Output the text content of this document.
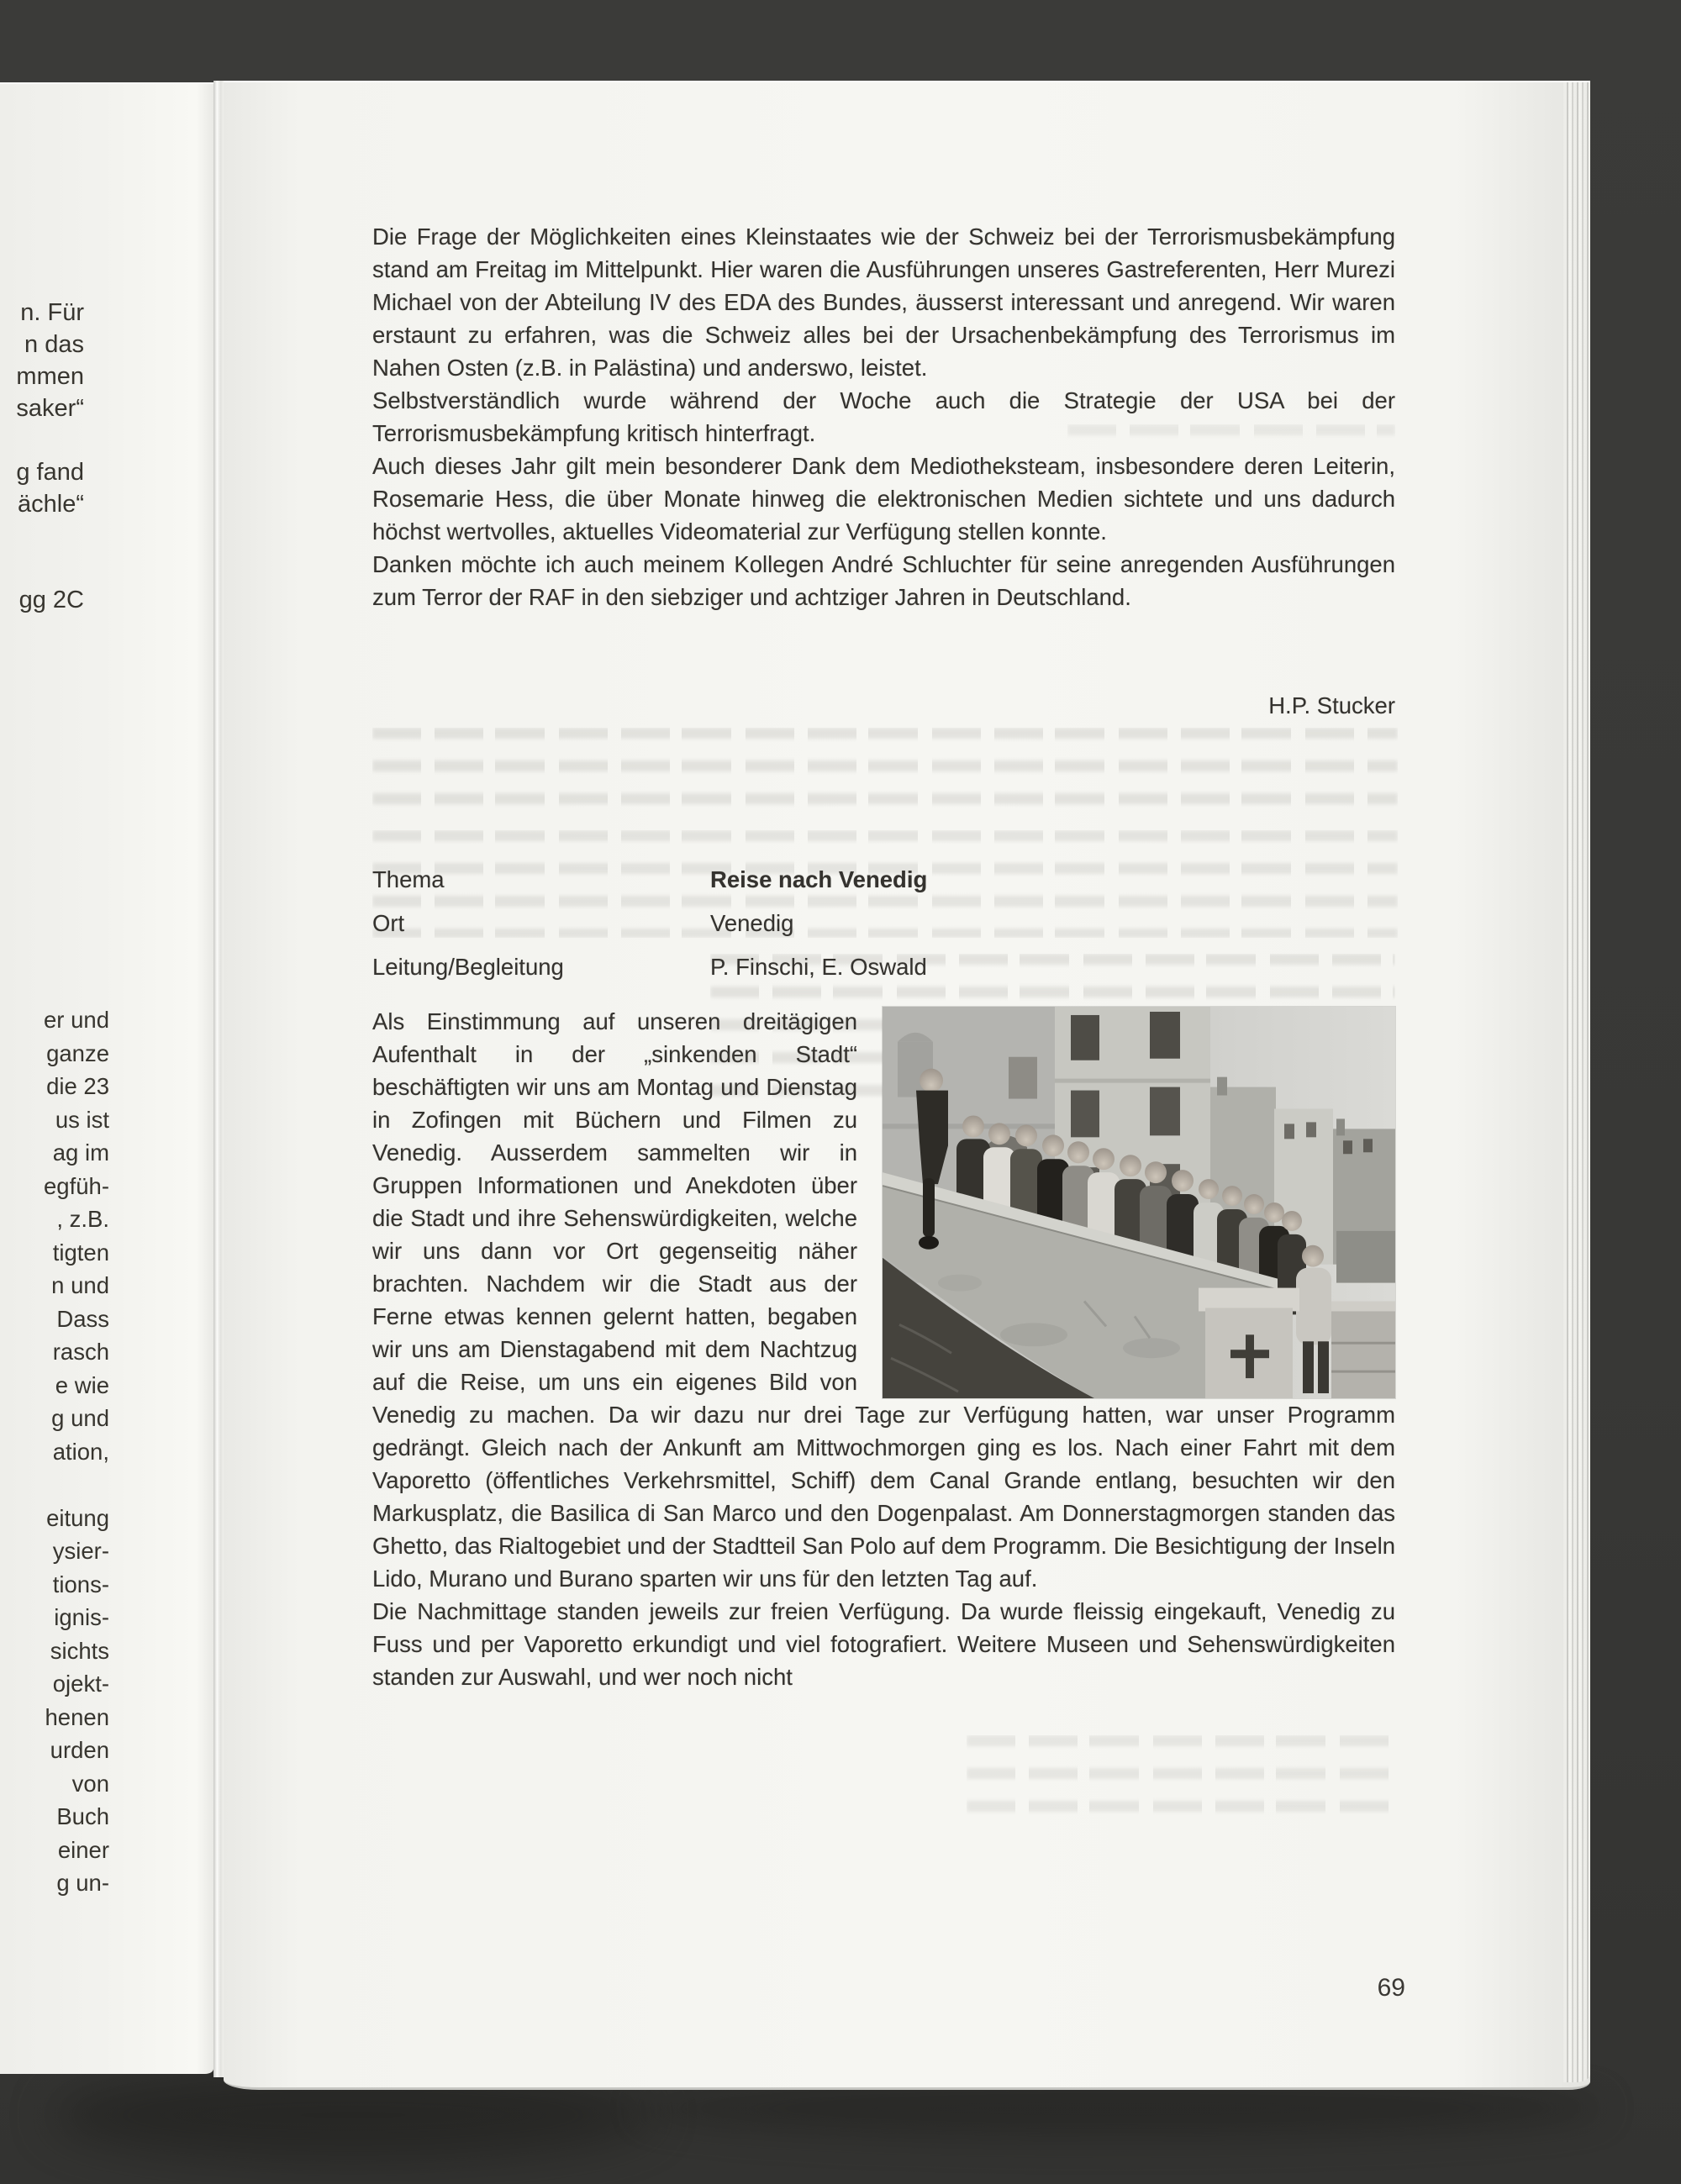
n. Für
n das
mmen
saker“
g fand
ächle“
gg 2C
er und
ganze
die 23
us ist
ag im
egfüh-
, z.B.
tigten
n und
Dass
rasch
e wie
g und
ation,
eitung
ysier-
tions-
ignis-
sichts
ojekt-
henen
urden
von
Buch
einer
g un-

Die Frage der Möglichkeiten eines Kleinstaates wie der Schweiz bei der Terrorismusbekämpfung stand am Freitag im Mittelpunkt. Hier waren die Ausführungen unseres Gastreferenten, Herr Murezi Michael von der Abteilung IV des EDA des Bundes, äusserst interessant und anregend. Wir waren erstaunt zu erfahren, was die Schweiz alles bei der Ursachenbekämpfung des Terrorismus im Nahen Osten (z.B. in Palästina) und anderswo, leistet.

Selbstverständlich wurde während der Woche auch die Strategie der USA bei der Terrorismusbekämpfung kritisch hinterfragt.

Auch dieses Jahr gilt mein besonderer Dank dem Mediotheksteam, insbesondere deren Leiterin, Rosemarie Hess, die über Monate hinweg die elektronischen Medien sichtete und uns dadurch höchst wertvolles, aktuelles Videomaterial zur Verfügung stellen konnte.

Danken möchte ich auch meinem Kollegen André Schluchter für seine anregenden Ausführungen zum Terror der RAF in den siebziger und achtziger Jahren in Deutschland.

H.P. Stucker
Thema	Reise nach Venedig
Ort	Venedig
Leitung/Begleitung	P. Finschi, E. Oswald

Als Einstimmung auf unseren dreitägigen Aufenthalt in der „sinkenden Stadt“ beschäftigten wir uns am Montag und Dienstag in Zofingen mit Büchern und Filmen zu Venedig. Ausserdem sammelten wir in Gruppen Informationen und Anekdoten über die Stadt und ihre Sehenswürdigkeiten, welche wir uns dann vor Ort gegenseitig näher brachten. Nachdem wir die Stadt aus der Ferne etwas kennen gelernt hatten, begaben wir uns am Dienstagabend mit dem Nachtzug auf die Reise, um uns ein eigenes Bild von Venedig zu machen. Da wir dazu nur drei Tage zur Verfügung hatten, war unser Programm gedrängt. Gleich nach der Ankunft am Mittwochmorgen ging es los. Nach einer Fahrt mit dem Vaporetto (öffentliches Verkehrsmittel, Schiff) dem Canal Grande entlang, besuchten wir den Markusplatz, die Basilica di San Marco und den Dogenpalast. Am Donnerstagmorgen standen das Ghetto, das Rialtogebiet und der Stadtteil San Polo auf dem Programm. Die Besichtigung der Inseln Lido, Murano und Burano sparten wir uns für den letzten Tag auf.

Die Nachmittage standen jeweils zur freien Verfügung. Da wurde fleissig eingekauft, Venedig zu Fuss und per Vaporetto erkundigt und viel fotografiert. Weitere Museen und Sehenswürdigkeiten standen zur Auswahl, und wer noch nicht

69
